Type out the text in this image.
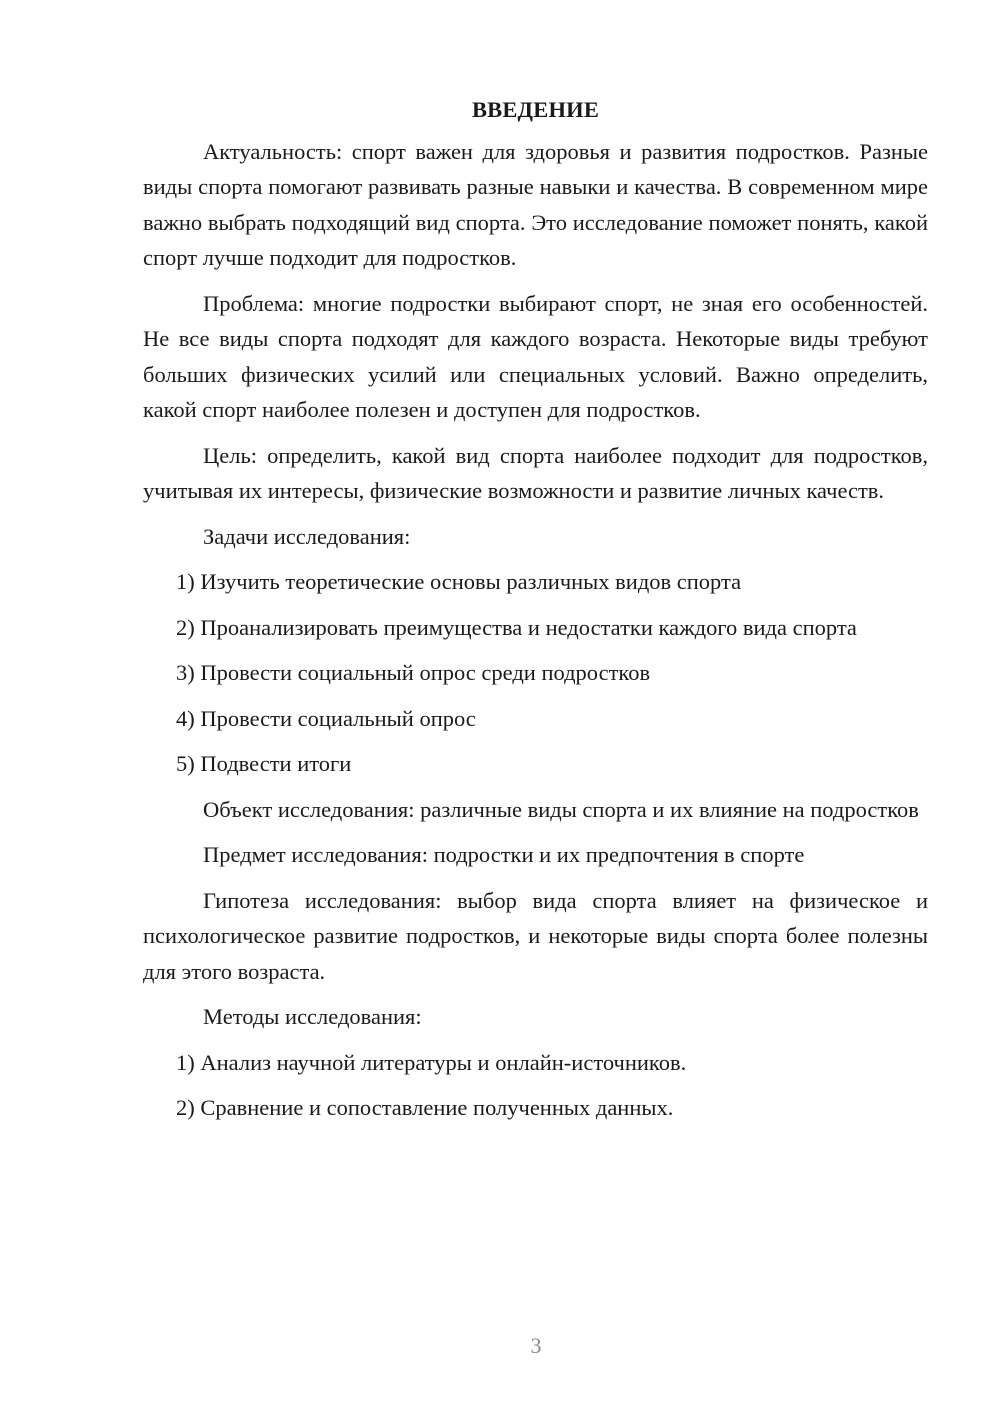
ВВЕДЕНИЕ

Актуальность: спорт важен для здоровья и развития подростков. Разные виды спорта помогают развивать разные навыки и качества. В современном мире важно выбрать подходящий вид спорта. Это исследование поможет понять, какой спорт лучше подходит для подростков.

Проблема: многие подростки выбирают спорт, не зная его особенностей. Не все виды спорта подходят для каждого возраста. Некоторые виды требуют больших физических усилий или специальных условий. Важно определить, какой спорт наиболее полезен и доступен для подростков.

Цель: определить, какой вид спорта наиболее подходит для подростков, учитывая их интересы, физические возможности и развитие личных качеств.

Задачи исследования:

1) Изучить теоретические основы различных видов спорта

2) Проанализировать преимущества и недостатки каждого вида спорта

3) Провести социальный опрос среди подростков

4) Провести социальный опрос

5) Подвести итоги

Объект исследования: различные виды спорта и их влияние на подростков

Предмет исследования: подростки и их предпочтения в спорте

Гипотеза исследования: выбор вида спорта влияет на физическое и психологическое развитие подростков, и некоторые виды спорта более полезны для этого возраста.

Методы исследования:

1) Анализ научной литературы и онлайн-источников.

2) Сравнение и сопоставление полученных данных.

3
